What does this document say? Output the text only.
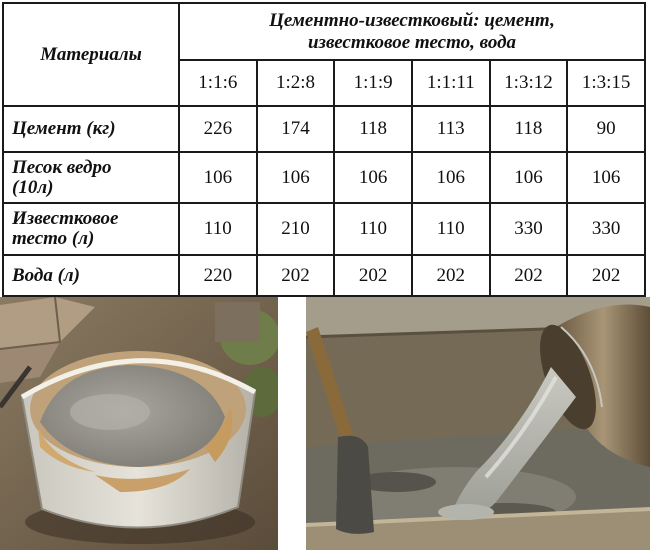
Материалы	Цементно-известковый: цемент,
известковое тесто, вода					

	1:1:6	1:2:8	1:1:9	1:1:11	1:3:12	1:3:15

Цемент (кг)	226	174	118	113	118	90

Песок ведро
(10л)	106	106	106	106	106	106

Известковое
тесто (л)	110	210	110	110	330	330

Вода (л)	220	202	202	202	202	202
